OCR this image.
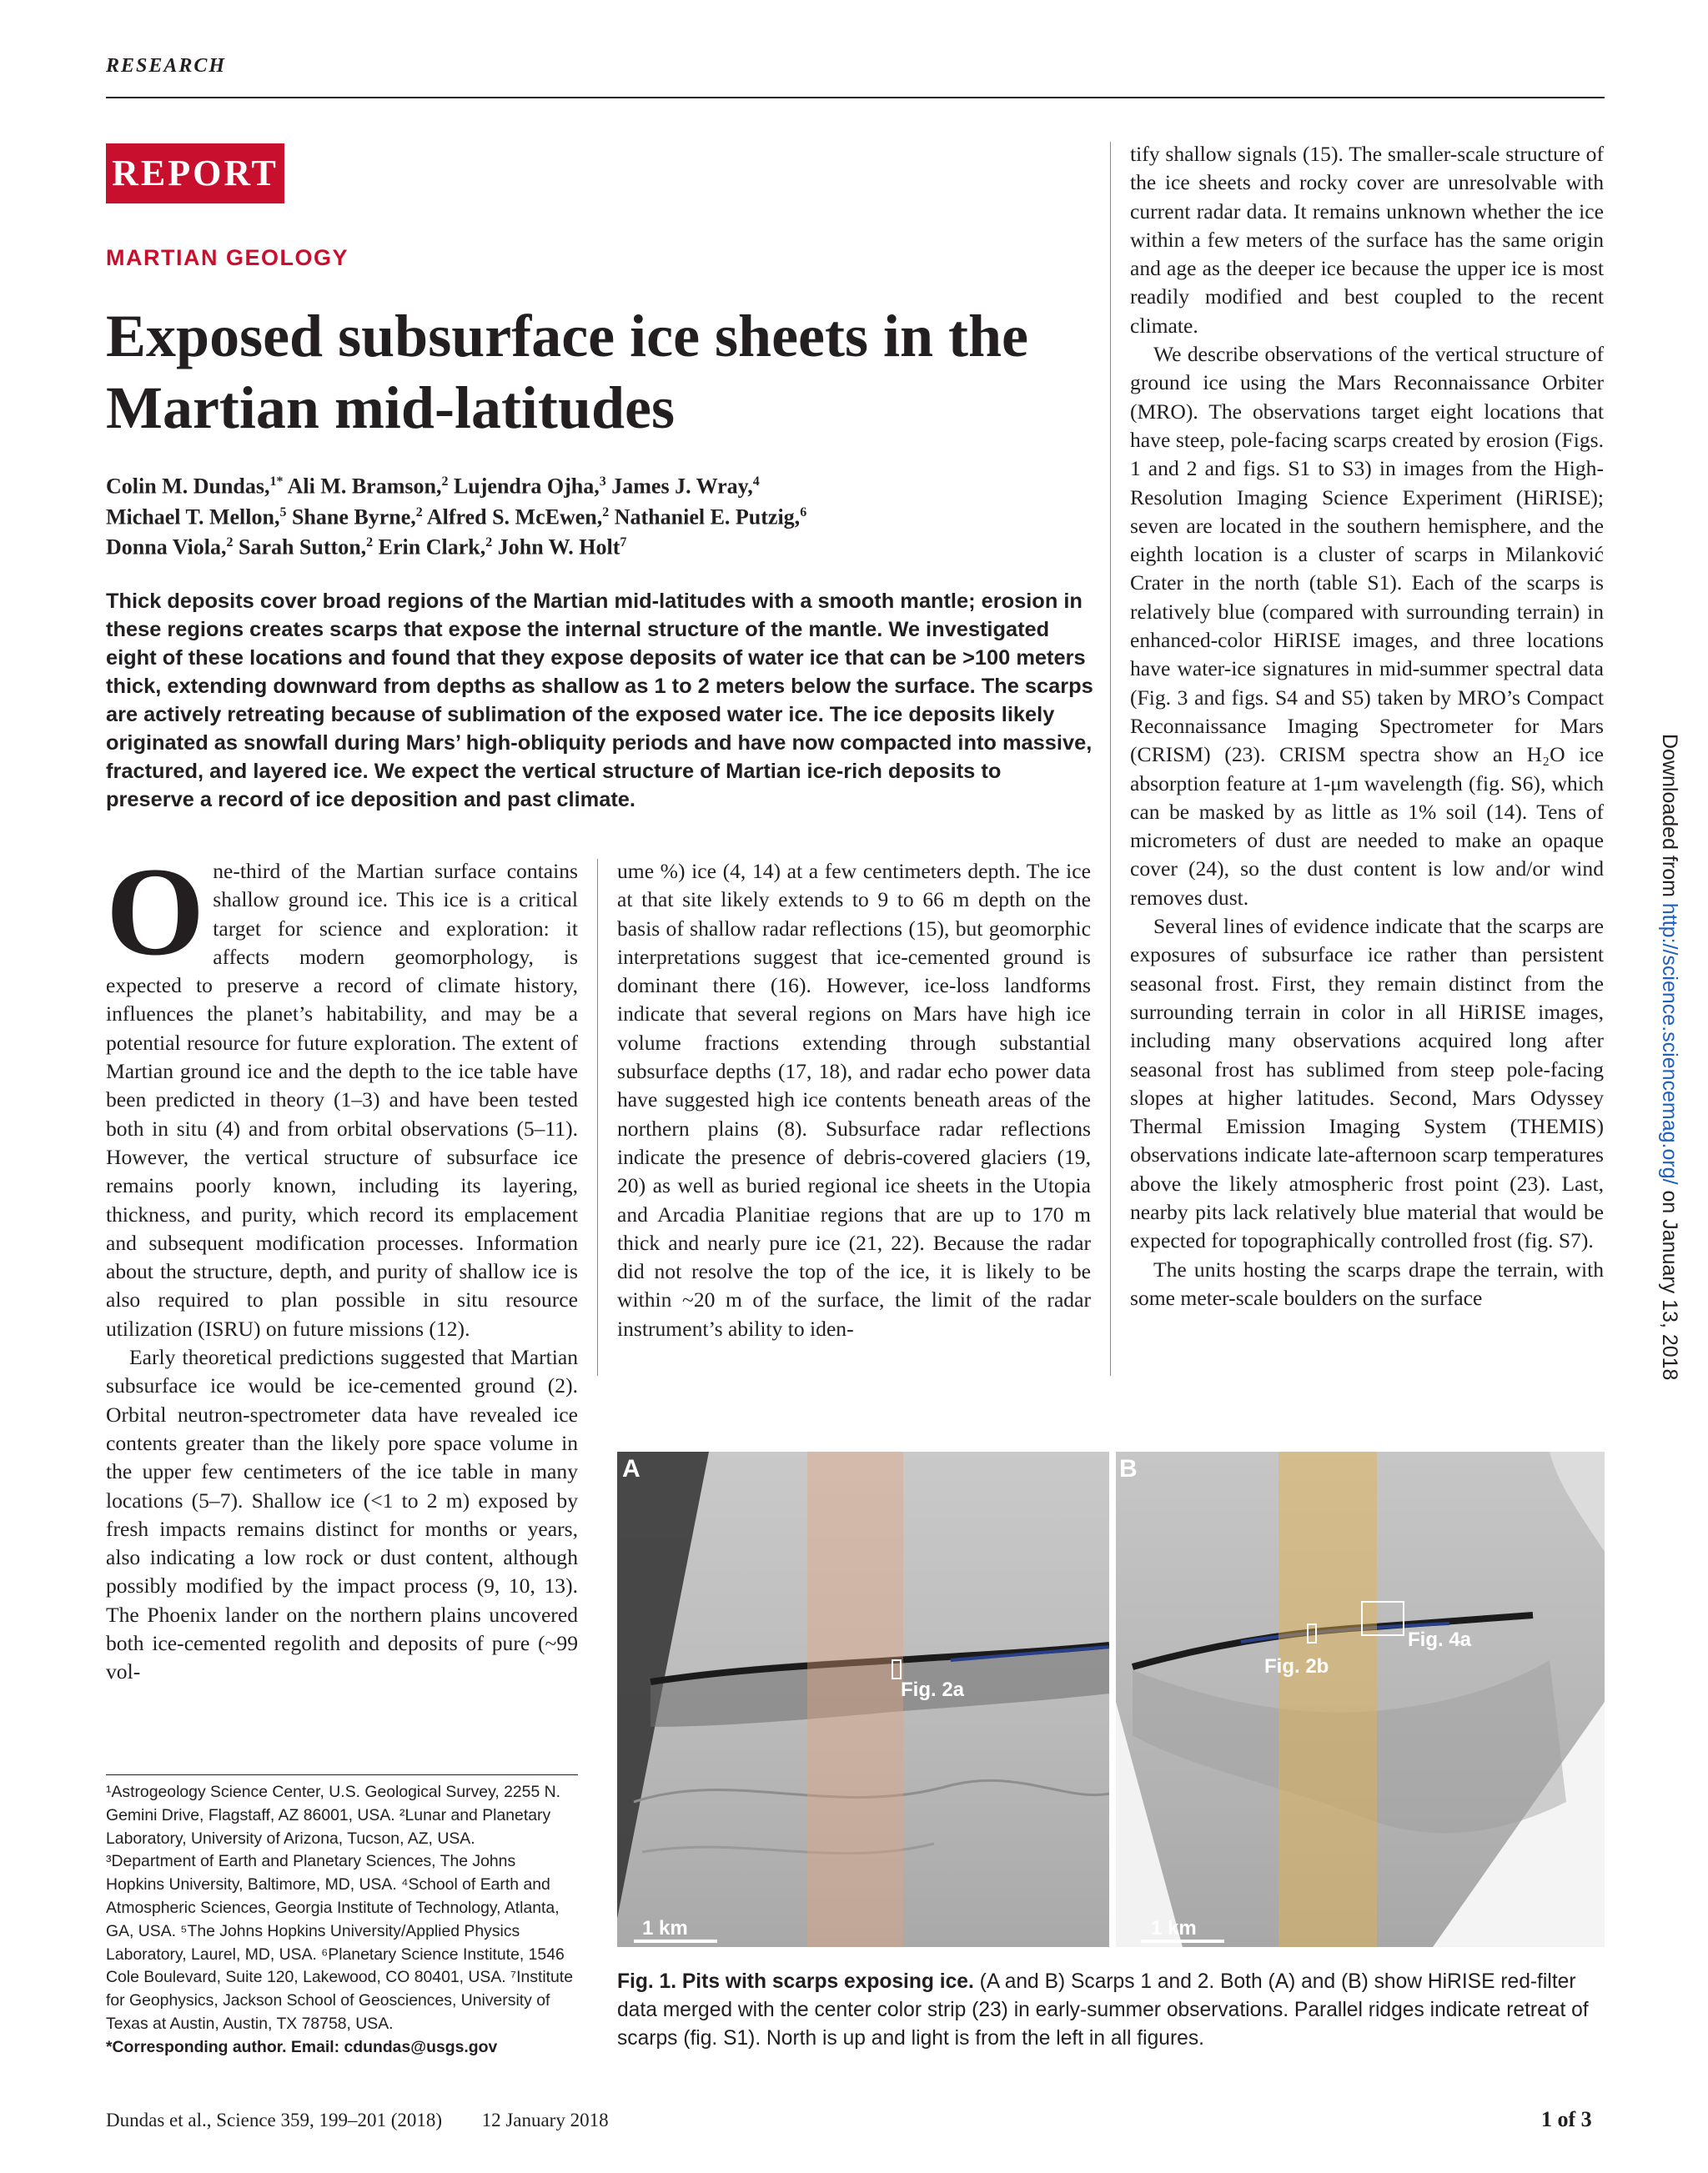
RESEARCH
REPORT
MARTIAN GEOLOGY
Exposed subsurface ice sheets in the Martian mid-latitudes
Colin M. Dundas,$^{1*}$ Ali M. Bramson,$^2$ Lujendra Ojha,$^3$ James J. Wray,$^4$
Michael T. Mellon,$^5$ Shane Byrne,$^2$ Alfred S. McEwen,$^2$ Nathaniel E. Putzig,$^6$
Donna Viola,$^2$ Sarah Sutton,$^2$ Erin Clark,$^2$ John W. Holt$^7$
Thick deposits cover broad regions of the Martian mid-latitudes with a smooth mantle; erosion in these regions creates scarps that expose the internal structure of the mantle. We investigated eight of these locations and found that they expose deposits of water ice that can be >100 meters thick, extending downward from depths as shallow as 1 to 2 meters below the surface. The scarps are actively retreating because of sublimation of the exposed water ice. The ice deposits likely originated as snowfall during Mars’ high-obliquity periods and have now compacted into massive, fractured, and layered ice. We expect the vertical structure of Martian ice-rich deposits to preserve a record of ice deposition and past climate.

One-third of the Martian surface contains shallow ground ice. This ice is a critical target for science and exploration: it affects modern geomorphology, is expected to preserve a record of climate history, influences the planet’s habitability, and may be a potential resource for future exploration. The extent of Martian ground ice and the depth to the ice table have been predicted in theory (1–3) and have been tested both in situ (4) and from orbital observations (5–11). However, the vertical structure of subsurface ice remains poorly known, including its layering, thickness, and purity, which record its emplacement and subsequent modification processes. Information about the structure, depth, and purity of shallow ice is also required to plan possible in situ resource utilization (ISRU) on future missions (12).

Early theoretical predictions suggested that Martian subsurface ice would be ice-cemented ground (2). Orbital neutron-spectrometer data have revealed ice contents greater than the likely pore space volume in the upper few centimeters of the ice table in many locations (5–7). Shallow ice (<1 to 2 m) exposed by fresh impacts remains distinct for months or years, also indicating a low rock or dust content, although possibly modified by the impact process (9, 10, 13). The Phoenix lander on the northern plains uncovered both ice-cemented regolith and deposits of pure (~99 vol-

ume %) ice (4, 14) at a few centimeters depth. The ice at that site likely extends to 9 to 66 m depth on the basis of shallow radar reflections (15), but geomorphic interpretations suggest that ice-cemented ground is dominant there (16). However, ice-loss landforms indicate that several regions on Mars have high ice volume fractions extending through substantial subsurface depths (17, 18), and radar echo power data have suggested high ice contents beneath areas of the northern plains (8). Subsurface radar reflections indicate the presence of debris-covered glaciers (19, 20) as well as buried regional ice sheets in the Utopia and Arcadia Planitiae regions that are up to 170 m thick and nearly pure ice (21, 22). Because the radar did not resolve the top of the ice, it is likely to be within ~20 m of the surface, the limit of the radar instrument’s ability to iden-

tify shallow signals (15). The smaller-scale structure of the ice sheets and rocky cover are unresolvable with current radar data. It remains unknown whether the ice within a few meters of the surface has the same origin and age as the deeper ice because the upper ice is most readily modified and best coupled to the recent climate.

We describe observations of the vertical structure of ground ice using the Mars Reconnaissance Orbiter (MRO). The observations target eight locations that have steep, pole-facing scarps created by erosion (Figs. 1 and 2 and figs. S1 to S3) in images from the High-Resolution Imaging Science Experiment (HiRISE); seven are located in the southern hemisphere, and the eighth location is a cluster of scarps in Milanković Crater in the north (table S1). Each of the scarps is relatively blue (compared with surrounding terrain) in enhanced-color HiRISE images, and three locations have water-ice signatures in mid-summer spectral data (Fig. 3 and figs. S4 and S5) taken by MRO’s Compact Reconnaissance Imaging Spectrometer for Mars (CRISM) (23). CRISM spectra show an H₂O ice absorption feature at 1-μm wavelength (fig. S6), which can be masked by as little as 1% soil (14). Tens of micrometers of dust are needed to make an opaque cover (24), so the dust content is low and/or wind removes dust.

Several lines of evidence indicate that the scarps are exposures of subsurface ice rather than persistent seasonal frost. First, they remain distinct from the surrounding terrain in color in all HiRISE images, including many observations acquired long after seasonal frost has sublimed from steep pole-facing slopes at higher latitudes. Second, Mars Odyssey Thermal Emission Imaging System (THEMIS) observations indicate late-afternoon scarp temperatures above the likely atmospheric frost point (23). Last, nearby pits lack relatively blue material that would be expected for topographically controlled frost (fig. S7).

The units hosting the scarps drape the terrain, with some meter-scale boulders on the surface

¹Astrogeology Science Center, U.S. Geological Survey, 2255 N. Gemini Drive, Flagstaff, AZ 86001, USA. ²Lunar and Planetary Laboratory, University of Arizona, Tucson, AZ, USA.

³Department of Earth and Planetary Sciences, The Johns Hopkins University, Baltimore, MD, USA. ⁴School of Earth and Atmospheric Sciences, Georgia Institute of Technology, Atlanta, GA, USA. ⁵The Johns Hopkins University/Applied Physics Laboratory, Laurel, MD, USA. ⁶Planetary Science Institute, 1546 Cole Boulevard, Suite 120, Lakewood, CO 80401, USA. ⁷Institute for Geophysics, Jackson School of Geosciences, University of Texas at Austin, Austin, TX 78758, USA.

*Corresponding author. Email: cdundas@usgs.gov

A
Fig. 2a
1 km
B
Fig. 4a
Fig. 2b
1 km
Fig. 1. Pits with scarps exposing ice. (A and B) Scarps 1 and 2. Both (A) and (B) show HiRISE red-filter data merged with the center color strip (23) in early-summer observations. Parallel ridges indicate retreat of scarps (fig. S1). North is up and light is from the left in all figures.
Dundas et al., Science 359, 199–201 (2018) 12 January 2018	1 of 3
Downloaded from http://science.sciencemag.org/ on January 13, 2018
